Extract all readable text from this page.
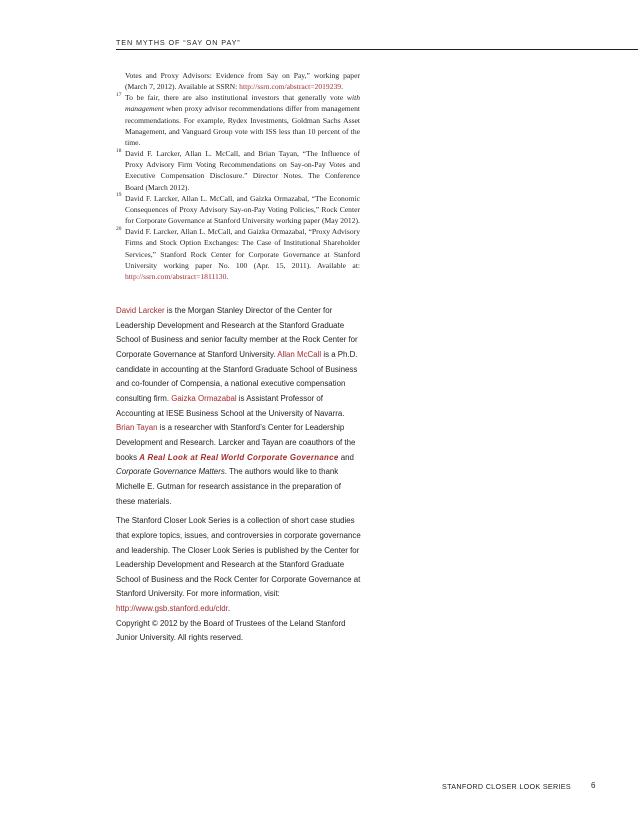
TEN MYTHS OF “SAY ON PAY”
Votes and Proxy Advisors: Evidence from Say on Pay,” working paper (March 7, 2012). Available at SSRN: http://ssrn.com/abstract=2019239.
17 To be fair, there are also institutional investors that generally vote with management when proxy advisor recommendations differ from management recommendations. For example, Rydex Investments, Goldman Sachs Asset Management, and Vanguard Group vote with ISS less than 10 percent of the time.
18 David F. Larcker, Allan L. McCall, and Brian Tayan, “The Influence of Proxy Advisory Firm Voting Recommendations on Say-on-Pay Votes and Executive Compensation Disclosure.” Director Notes. The Conference Board (March 2012).
19 David F. Larcker, Allan L. McCall, and Gaizka Ormazabal, “The Economic Consequences of Proxy Advisory Say-on-Pay Voting Policies,” Rock Center for Corporate Governance at Stanford University working paper (May 2012).
20 David F. Larcker, Allan L. McCall, and Gaizka Ormazabal, “Proxy Advisory Firms and Stock Option Exchanges: The Case of Institutional Shareholder Services,” Stanford Rock Center for Corporate Governance at Stanford University working paper No. 100 (Apr. 15, 2011). Available at: http://ssrn.com/abstract=1811130.

David Larcker is the Morgan Stanley Director of the Center for Leadership Development and Research at the Stanford Graduate School of Business and senior faculty member at the Rock Center for Corporate Governance at Stanford University. Allan McCall is a Ph.D. candidate in accounting at the Stanford Graduate School of Business and co-founder of Compensia, a national executive compensation consulting firm. Gaizka Ormazabal is Assistant Professor of Accounting at IESE Business School at the University of Navarra. Brian Tayan is a researcher with Stanford’s Center for Leadership Development and Research. Larcker and Tayan are coauthors of the books A Real Look at Real World Corporate Governance and Corporate Governance Matters. The authors would like to thank Michelle E. Gutman for research assistance in the preparation of these materials.

The Stanford Closer Look Series is a collection of short case studies that explore topics, issues, and controversies in corporate governance and leadership. The Closer Look Series is published by the Center for Leadership Development and Research at the Stanford Graduate School of Business and the Rock Center for Corporate Governance at Stanford University. For more information, visit: http://www.gsb.stanford.edu/cldr.

Copyright © 2012 by the Board of Trustees of the Leland Stanford Junior University. All rights reserved.

STANFORD CLOSER LOOK SERIES	6
